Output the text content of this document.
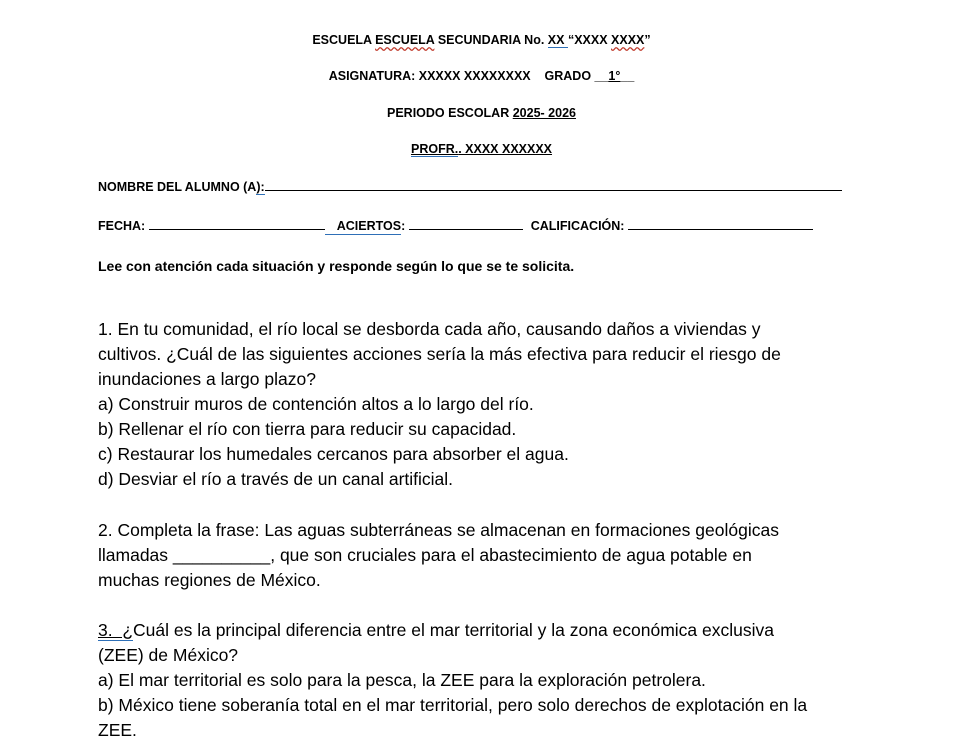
ESCUELA ESCUELA SECUNDARIA No. XX “XXXX XXXX”
ASIGNATURA: XXXXX XXXXXXXX    GRADO __1°__
PERIODO ESCOLAR 2025- 2026
PROFR.. XXXX XXXXXX
NOMBRE DEL ALUMNO (A):
FECHA:	ACIERTOS:	CALIFICACIÓN:
Lee con atención cada situación y responde según lo que se te solicita.
1. En tu comunidad, el río local se desborda cada año, causando daños a viviendas y
cultivos. ¿Cuál de las siguientes acciones sería la más efectiva para reducir el riesgo de
inundaciones a largo plazo?
a) Construir muros de contención altos a lo largo del río.
b) Rellenar el río con tierra para reducir su capacidad.
c) Restaurar los humedales cercanos para absorber el agua.
d) Desviar el río a través de un canal artificial.
2. Completa la frase: Las aguas subterráneas se almacenan en formaciones geológicas
llamadas __________, que son cruciales para el abastecimiento de agua potable en
muchas regiones de México.
3.  ¿Cuál es la principal diferencia entre el mar territorial y la zona económica exclusiva
(ZEE) de México?
a) El mar territorial es solo para la pesca, la ZEE para la exploración petrolera.
b) México tiene soberanía total en el mar territorial, pero solo derechos de explotación en la
ZEE.
